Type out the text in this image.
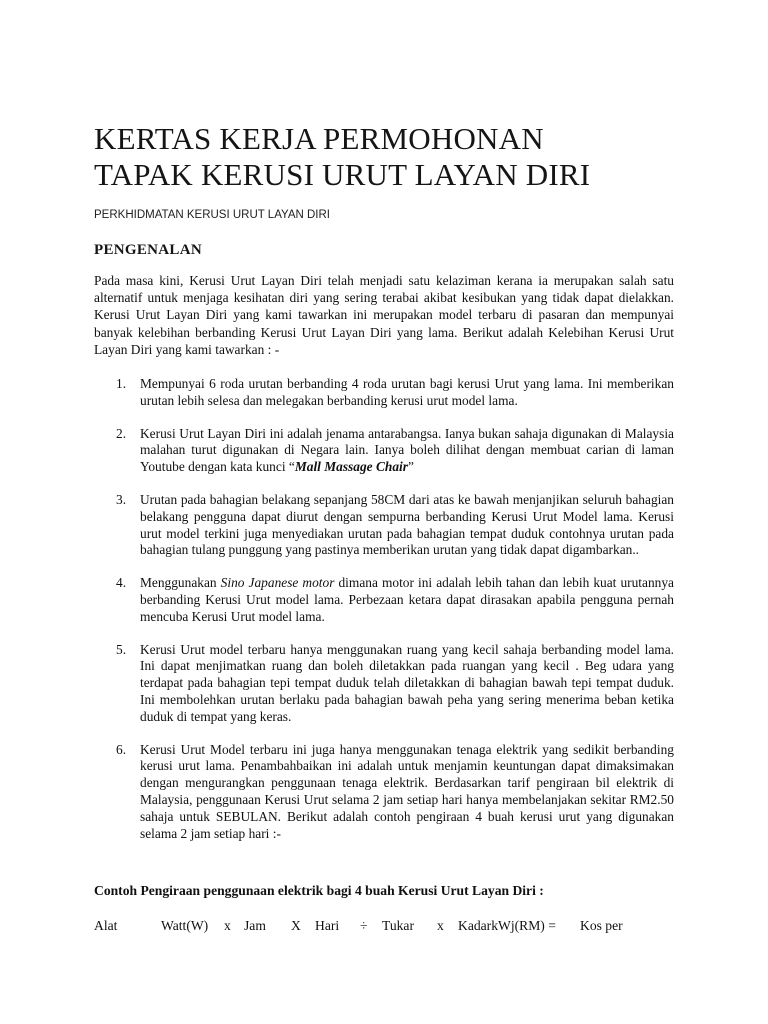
KERTAS KERJA PERMOHONAN
TAPAK KERUSI URUT LAYAN DIRI

PERKHIDMATAN KERUSI URUT LAYAN DIRI

PENGENALAN

Pada masa kini, Kerusi Urut Layan Diri telah menjadi satu kelaziman kerana ia merupakan salah satu alternatif untuk menjaga kesihatan diri yang sering terabai akibat kesibukan yang tidak dapat dielakkan. Kerusi Urut Layan Diri yang kami tawarkan ini merupakan model terbaru di pasaran dan mempunyai banyak kelebihan berbanding Kerusi Urut Layan Diri yang lama. Berikut adalah Kelebihan Kerusi Urut Layan Diri yang kami tawarkan : -

1. Mempunyai 6 roda urutan berbanding 4 roda urutan bagi kerusi Urut yang lama. Ini memberikan urutan lebih selesa dan melegakan berbanding kerusi urut model lama.
2. Kerusi Urut Layan Diri ini adalah jenama antarabangsa. Ianya bukan sahaja digunakan di Malaysia malahan turut digunakan di Negara lain. Ianya boleh dilihat dengan membuat carian di laman Youtube dengan kata kunci “Mall Massage Chair”
3. Urutan pada bahagian belakang sepanjang 58CM dari atas ke bawah menjanjikan seluruh bahagian belakang pengguna dapat diurut dengan sempurna berbanding Kerusi Urut Model lama. Kerusi urut model terkini juga menyediakan urutan pada bahagian tempat duduk contohnya urutan pada bahagian tulang punggung yang pastinya memberikan urutan yang tidak dapat digambarkan..
4. Menggunakan Sino Japanese motor dimana motor ini adalah lebih tahan dan lebih kuat urutannya berbanding Kerusi Urut model lama. Perbezaan ketara dapat dirasakan apabila pengguna pernah mencuba Kerusi Urut model lama.
5. Kerusi Urut model terbaru hanya menggunakan ruang yang kecil sahaja berbanding model lama. Ini dapat menjimatkan ruang dan boleh diletakkan pada ruangan yang kecil . Beg udara yang terdapat pada bahagian tepi tempat duduk telah diletakkan di bahagian bawah tepi tempat duduk. Ini membolehkan urutan berlaku pada bahagian bawah peha yang sering menerima beban ketika duduk di tempat yang keras.
6. Kerusi Urut Model terbaru ini juga hanya menggunakan tenaga elektrik yang sedikit berbanding kerusi urut lama. Penambahbaikan ini adalah untuk menjamin keuntungan dapat dimaksimakan dengan mengurangkan penggunaan tenaga elektrik. Berdasarkan tarif pengiraan bil elektrik di Malaysia, penggunaan Kerusi Urut selama 2 jam setiap hari hanya membelanjakan sekitar RM2.50 sahaja untuk SEBULAN. Berikut adalah contoh pengiraan 4 buah kerusi urut yang digunakan selama 2 jam setiap hari :-

Contoh Pengiraan penggunaan elektrik bagi 4 buah Kerusi Urut Layan Diri :

Alat	Watt(W) x Jam X Hari ÷ Tukar x KadarkWj(RM) = Kos per
